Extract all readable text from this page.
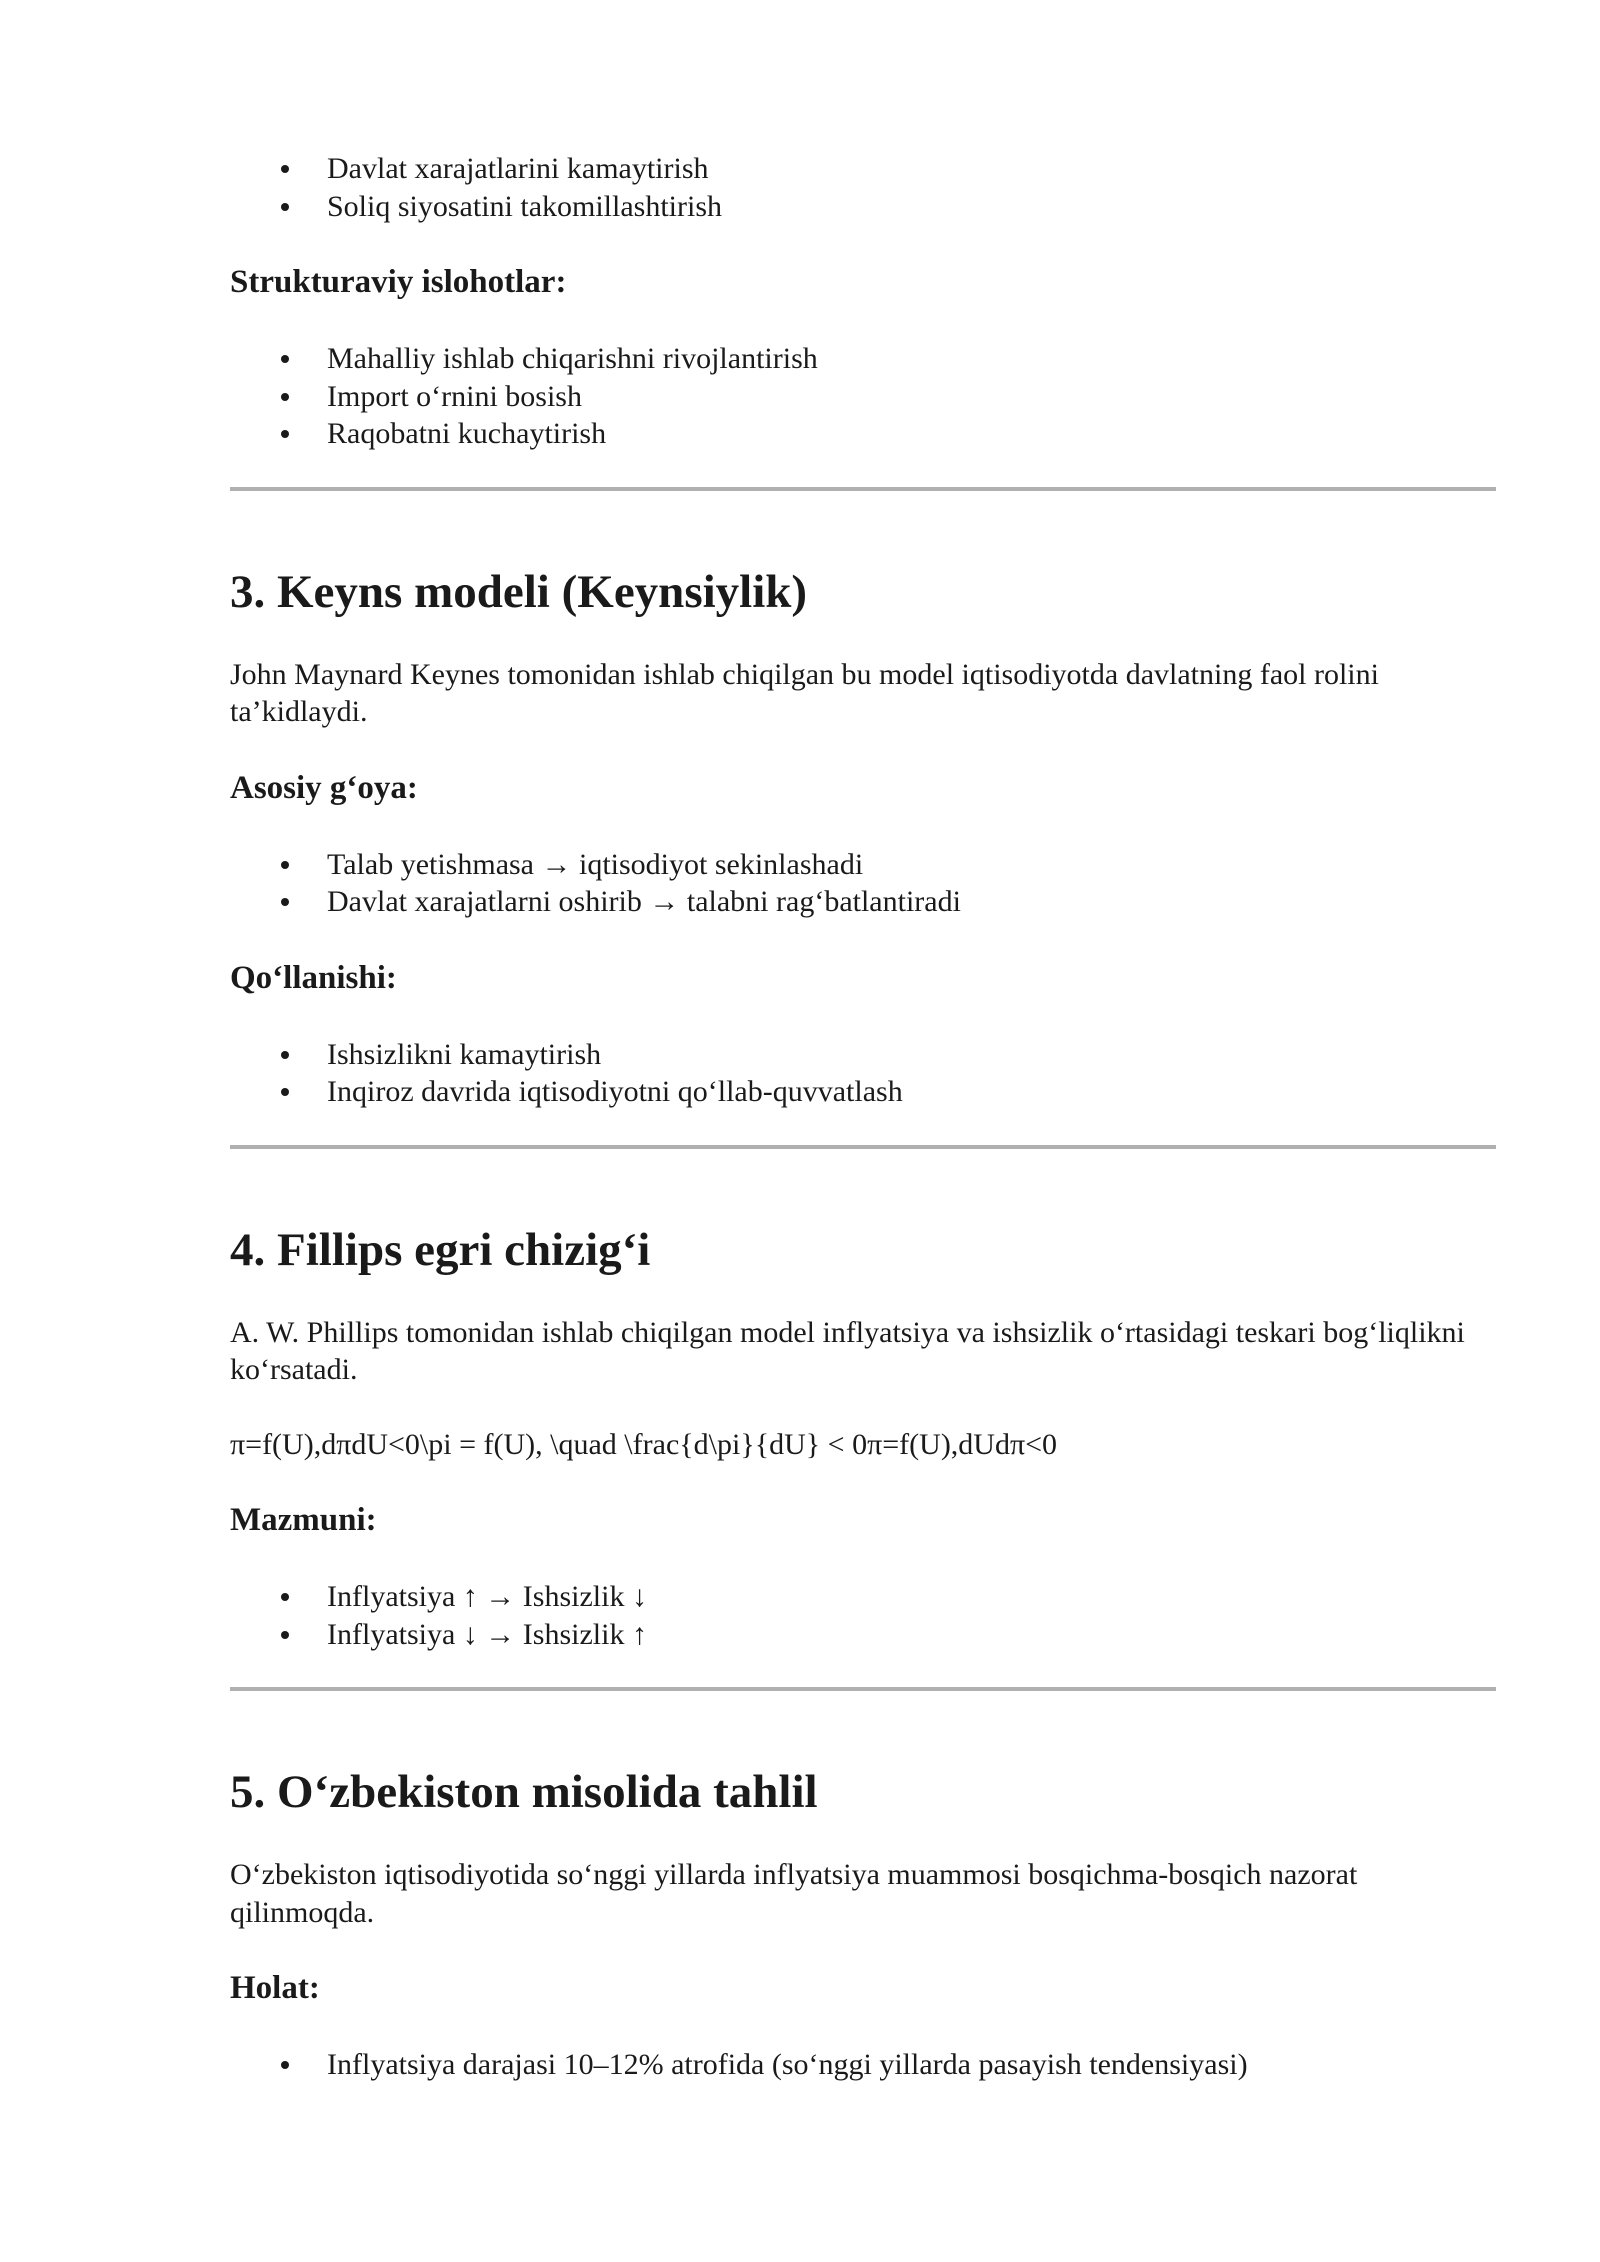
Davlat xarajatlarini kamaytirish
Soliq siyosatini takomillashtirish
Strukturaviy islohotlar:
Mahalliy ishlab chiqarishni rivojlantirish
Import o‘rnini bosish
Raqobatni kuchaytirish
3. Keyns modeli (Keynsiylik)

John Maynard Keynes tomonidan ishlab chiqilgan bu model iqtisodiyotda davlatning faol rolini ta’kidlaydi.

Asosiy g‘oya:
Talab yetishmasa → iqtisodiyot sekinlashadi
Davlat xarajatlarni oshirib → talabni rag‘batlantiradi
Qo‘llanishi:
Ishsizlikni kamaytirish
Inqiroz davrida iqtisodiyotni qo‘llab-quvvatlash
4. Fillips egri chizig‘i

A. W. Phillips tomonidan ishlab chiqilgan model inflyatsiya va ishsizlik o‘rtasidagi teskari bog‘liqlikni ko‘rsatadi.

π=f(U),dπdU<0\pi = f(U), \quad \frac{d\pi}{dU} < 0π=f(U),dUdπ<0

Mazmuni:
Inflyatsiya ↑ → Ishsizlik ↓
Inflyatsiya ↓ → Ishsizlik ↑
5. O‘zbekiston misolida tahlil

O‘zbekiston iqtisodiyotida so‘nggi yillarda inflyatsiya muammosi bosqichma-bosqich nazorat qilinmoqda.

Holat:
Inflyatsiya darajasi 10–12% atrofida (so‘nggi yillarda pasayish tendensiyasi)
